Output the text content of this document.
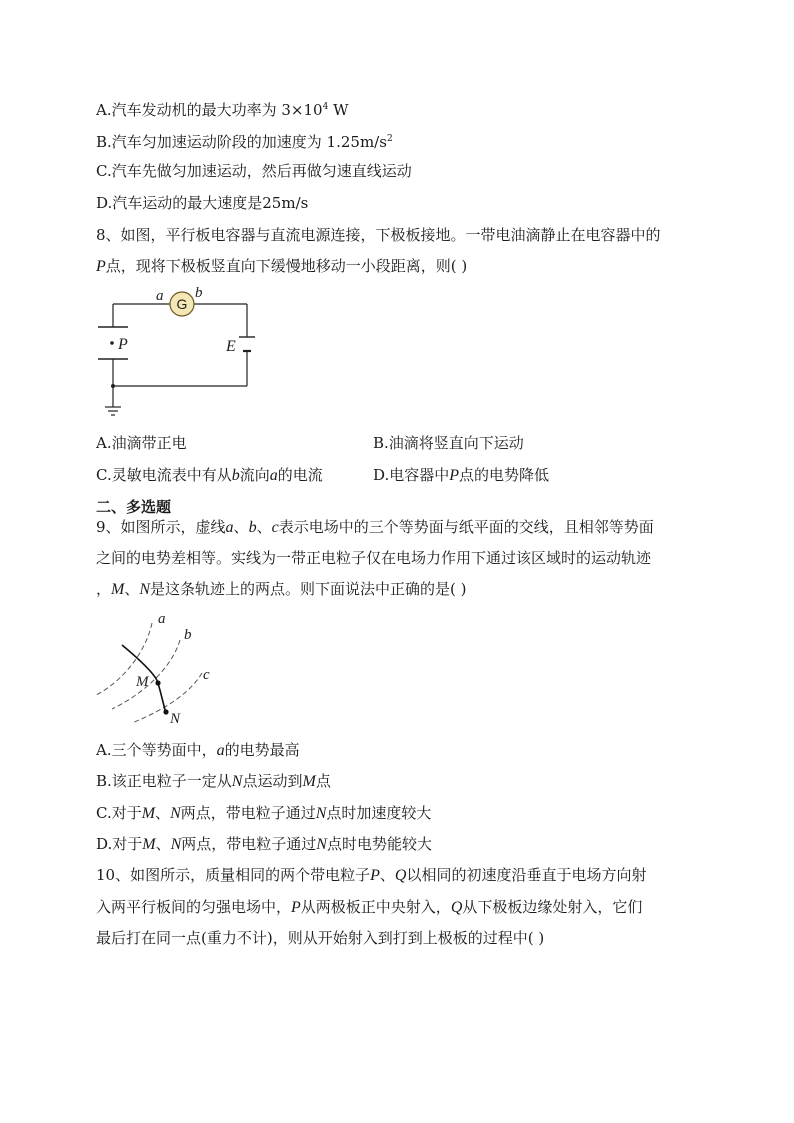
A.汽车发动机的最大功率为 $3\times 10^4$ W
B.汽车匀加速运动阶段的加速度为 $1.25m/s^2$
C.汽车先做匀加速运动，然后再做匀速直线运动
D.汽车运动的最大速度是25m/s
8、如图，平行板电容器与直流电源连接，下极板接地。一带电油滴静止在电容器中的
P点，现将下极板竖直向下缓慢地移动一小段距离，则( )
G
a b
P	E
A.油滴带正电	B.油滴将竖直向下运动
C.灵敏电流表中有从b流向a的电流	D.电容器中P点的电势降低
二、多选题
9、如图所示，虚线a、b、c表示电场中的三个等势面与纸平面的交线，且相邻等势面
之间的电势差相等。实线为一带正电粒子仅在电场力作用下通过该区域时的运动轨迹
，M、N是这条轨迹上的两点。则下面说法中正确的是( )
a
b
c
M
N
A.三个等势面中，a的电势最高
B.该正电粒子一定从N点运动到M点
C.对于M、N两点，带电粒子通过N点时加速度较大
D.对于M、N两点，带电粒子通过N点时电势能较大
10、如图所示，质量相同的两个带电粒子P、Q以相同的初速度沿垂直于电场方向射
入两平行板间的匀强电场中，P从两极板正中央射入，Q从下极板边缘处射入，它们
最后打在同一点(重力不计)，则从开始射入到打到上极板的过程中( )
